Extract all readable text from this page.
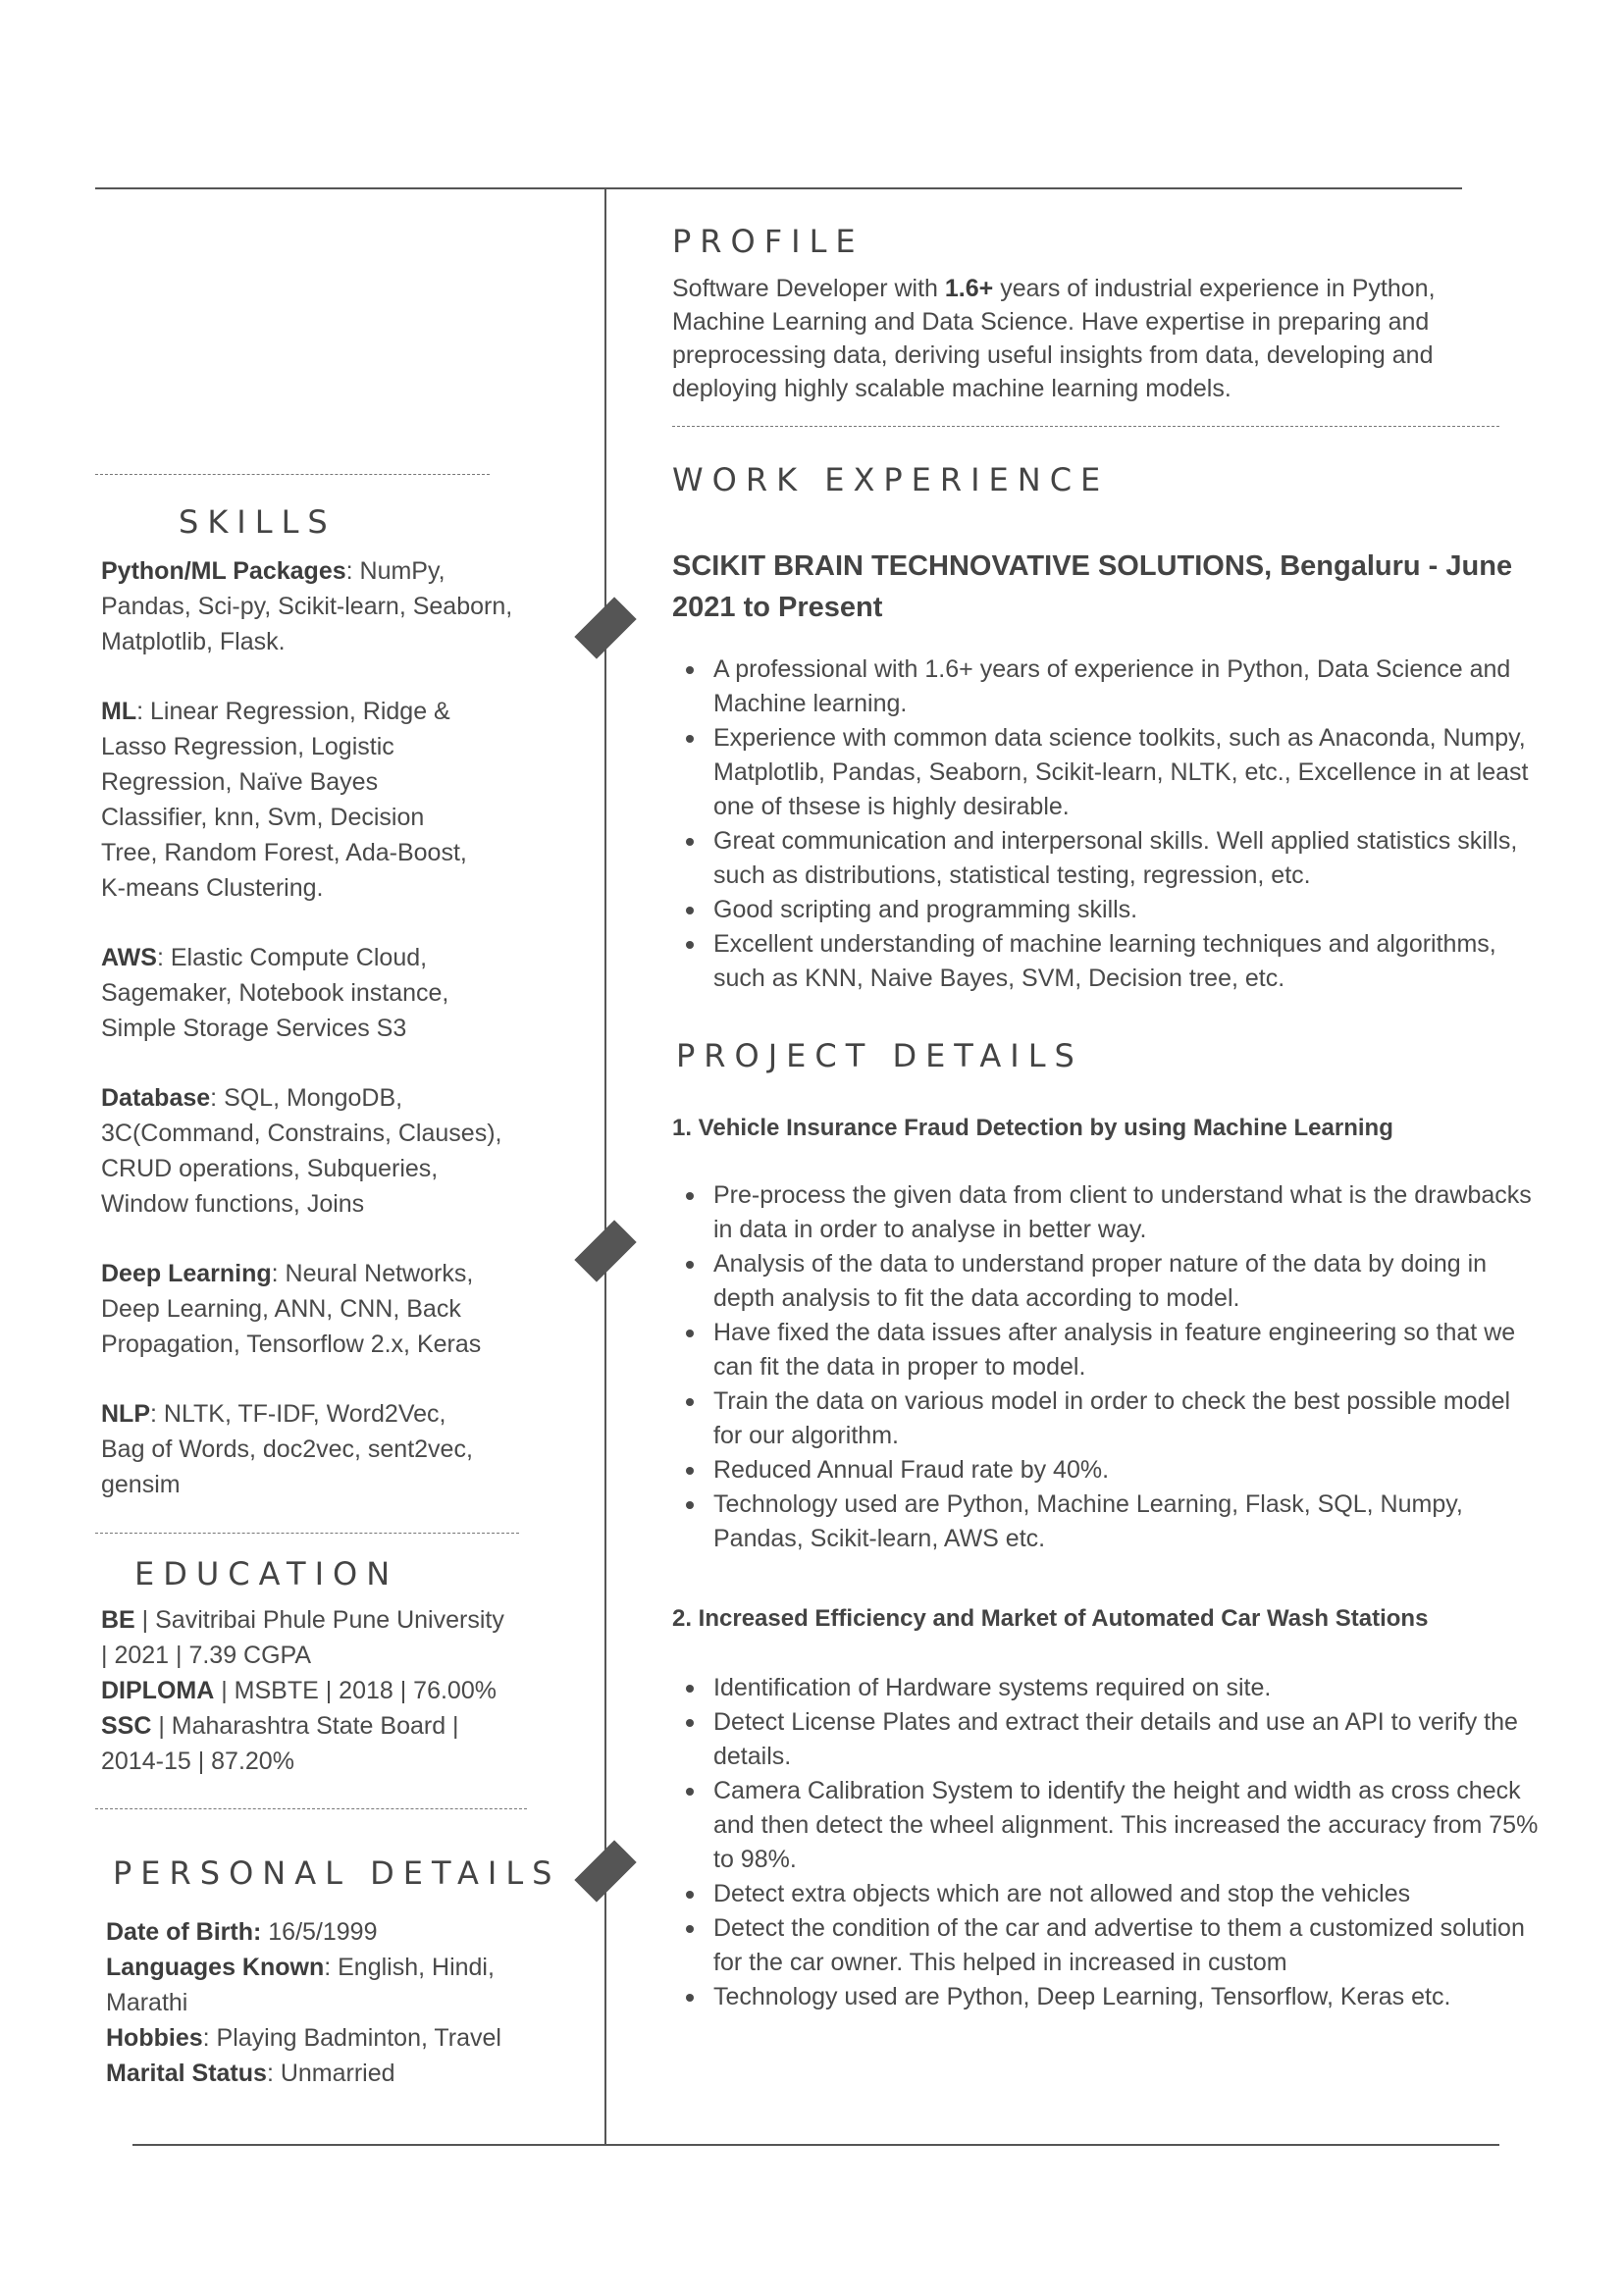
SKILLS

Python/ML Packages: NumPy, Pandas, Sci-py, Scikit-learn, Seaborn, Matplotlib, Flask.

ML: Linear Regression, Ridge & Lasso Regression, Logistic Regression, Naïve Bayes Classifier, knn, Svm, Decision Tree, Random Forest, Ada-Boost, K-means Clustering.

AWS: Elastic Compute Cloud, Sagemaker, Notebook instance, Simple Storage Services S3

Database: SQL, MongoDB, 3C(Command, Constrains, Clauses), CRUD operations, Subqueries, Window functions, Joins

Deep Learning: Neural Networks, Deep Learning, ANN, CNN, Back Propagation, Tensorflow 2.x, Keras

NLP: NLTK, TF-IDF, Word2Vec, Bag of Words, doc2vec, sent2vec, gensim

EDUCATION

BE | Savitribai Phule Pune University | 2021 | 7.39 CGPA

DIPLOMA | MSBTE | 2018 | 76.00%

SSC | Maharashtra State Board | 2014-15 | 87.20%

PERSONAL DETAILS

Date of Birth: 16/5/1999

Languages Known: English, Hindi, Marathi

Hobbies: Playing Badminton, Travel

Marital Status: Unmarried

PROFILE

Software Developer with 1.6+ years of industrial experience in Python, Machine Learning and Data Science. Have expertise in preparing and preprocessing data, deriving useful insights from data, developing and deploying highly scalable machine learning models.

WORK EXPERIENCE

SCIKIT BRAIN TECHNOVATIVE SOLUTIONS, Bengaluru - June 2021 to Present

A professional with 1.6+ years of experience in Python, Data Science and Machine learning.
Experience with common data science toolkits, such as Anaconda, Numpy, Matplotlib, Pandas, Seaborn, Scikit-learn, NLTK, etc., Excellence in at least one of thsese is highly desirable.
Great communication and interpersonal skills. Well applied statistics skills, such as distributions, statistical testing, regression, etc.
Good scripting and programming skills.
Excellent understanding of machine learning techniques and algorithms, such as KNN, Naive Bayes, SVM, Decision tree, etc.
PROJECT DETAILS

1. Vehicle Insurance Fraud Detection by using Machine Learning

Pre-process the given data from client to understand what is the drawbacks in data in order to analyse in better way.
Analysis of the data to understand proper nature of the data by doing in depth analysis to fit the data according to model.
Have fixed the data issues after analysis in feature engineering so that we can fit the data in proper to model.
Train the data on various model in order to check the best possible model for our algorithm.
Reduced Annual Fraud rate by 40%.
Technology used are Python, Machine Learning, Flask, SQL, Numpy, Pandas, Scikit-learn, AWS etc.

2. Increased Efficiency and Market of Automated Car Wash Stations

Identification of Hardware systems required on site.
Detect License Plates and extract their details and use an API to verify the details.
Camera Calibration System to identify the height and width as cross check and then detect the wheel alignment. This increased the accuracy from 75% to 98%.
Detect extra objects which are not allowed and stop the vehicles
Detect the condition of the car and advertise to them a customized solution for the car owner. This helped in increased in custom
Technology used are Python, Deep Learning, Tensorflow, Keras etc.
